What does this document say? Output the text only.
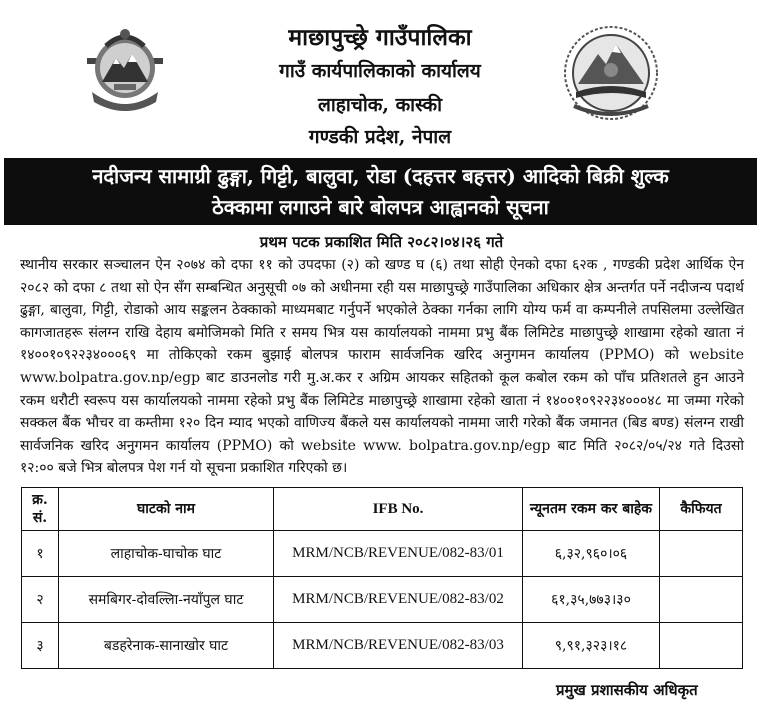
माछापुच्छ्रे गाउँपालिका
गाउँ कार्यपालिकाको कार्यालय
लाहाचोक, कास्की
गण्डकी प्रदेश, नेपाल
नदीजन्य सामाग्री ढुङ्गा, गिट्टी, बालुवा, रोडा (दहत्तर बहत्तर) आदिको बिक्री शुल्क
ठेक्कामा लगाउने बारे बोलपत्र आह्वानको सूचना
प्रथम पटक प्रकाशित मिति २०८२।०४।२६ गते
स्थानीय सरकार सञ्चालन ऐन २०७४ को दफा ११ को उपदफा (२) को खण्ड घ (६) तथा सोही ऐनको दफा ६२क , गण्डकी प्रदेश आर्थिक ऐन २०८२ को दफा ८ तथा सो ऐन सँग सम्बन्धित अनुसूची ०७ को अधीनमा रही यस माछापुच्छ्रे गाउँपालिका अधिकार क्षेत्र अन्तर्गत पर्ने नदीजन्य पदार्थ ढुङ्गा, बालुवा, गिट्टी, रोडाको आय सङ्कलन ठेक्काको माध्यमबाट गर्नुपर्ने भएकोले ठेक्का गर्नका लागि योग्य फर्म वा कम्पनीले तपसिलमा उल्लेखित कागजातहरू संलग्न राखि देहाय बमोजिमको मिति र समय भित्र यस कार्यालयको नाममा प्रभु बैंक लिमिटेड माछापुच्छ्रे शाखामा रहेको खाता नं १४००१०९२२३४०००६९ मा तोकिएको रकम बुझाई बोलपत्र फाराम सार्वजनिक खरिद अनुगमन कार्यालय (PPMO) को website www.bolpatra.gov.np/egp बाट डाउनलोड गरी मु.अ.कर र अग्रिम आयकर सहितको कूल कबोल रकम को पाँच प्रतिशतले हुन आउने रकम धरौटी स्वरूप यस कार्यालयको नाममा रहेको प्रभु बैंक लिमिटेड माछापुच्छ्रे शाखामा रहेको खाता नं १४००१०९२२३४०००४८ मा जम्मा गरेको सक्कल बैंक भौचर वा कम्तीमा १२० दिन म्याद भएको वाणिज्य बैंकले यस कार्यालयको नाममा जारी गरेको बैंक जमानत (बिड बण्ड) संलग्न राखी सार्वजनिक खरिद अनुगमन कार्यालय (PPMO) को website www. bolpatra.gov.np/egp बाट मिति २०८२/०५/२४ गते दिउसो १२:०० बजे भित्र बोलपत्र पेश गर्न यो सूचना प्रकाशित गरिएको छ।
क्र. सं.	घाटको नाम	IFB No.	न्यूनतम रकम कर बाहेक	कैफियत
१	लाहाचोक-घाचोक घाट	MRM/NCB/REVENUE/082-83/01	६,३२,९६०।०६	
२	समबिगर-दोवल्लिा-नयाँपुल घाट	MRM/NCB/REVENUE/082-83/02	६१,३५,७७३।३०	
३	बडहरेनाक-सानाखोर घाट	MRM/NCB/REVENUE/082-83/03	९,९१,३२३।१८	
प्रमुख प्रशासकीय अधिकृत
